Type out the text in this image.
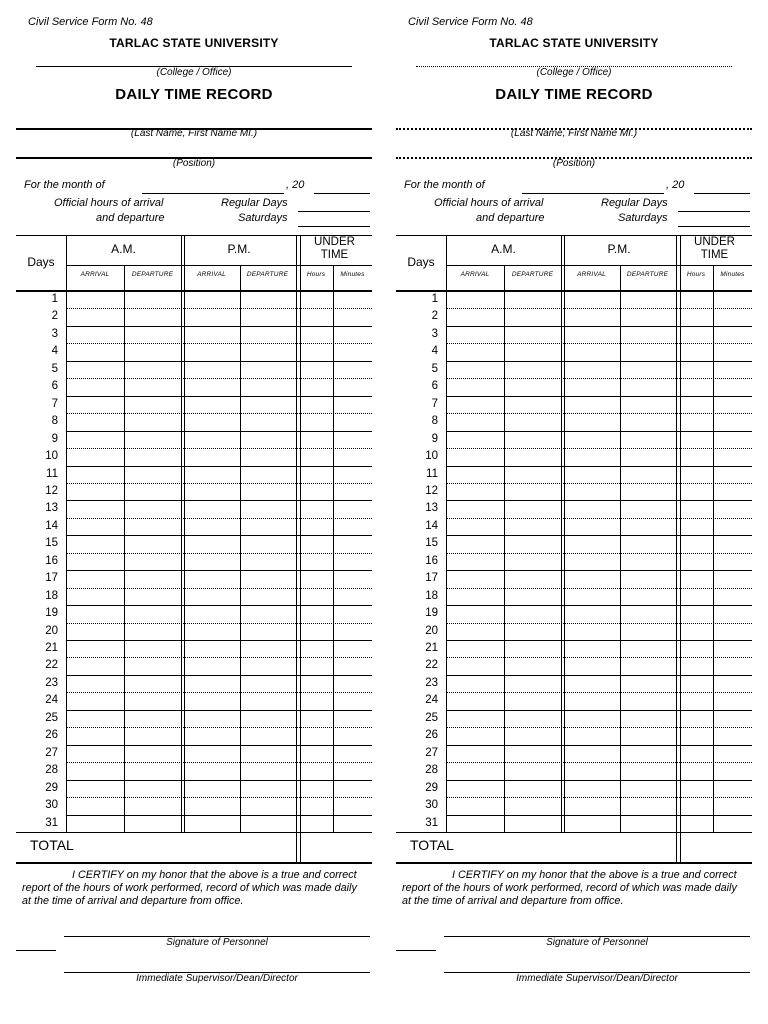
Civil Service Form No. 48
TARLAC STATE UNIVERSITY
(College / Office)
DAILY TIME RECORD
(Last Name, First Name MI.)
(Position)
For the month of	, 20
Official hours of arrival
and departure
Regular Days
Saturdays
Days
A.M.	P.M.	UNDER
TIME
ARRIVAL	DEPARTURE	ARRIVAL	DEPARTURE	Hours	Minutes
1
2
3
4
5
6
7
8
9
10
11
12
13
14
15
16
17
18
19
20
21
22
23
24
25
26
27
28
29
30
31
TOTAL
I CERTIFY on my honor that the above is a true and correct report of the hours of work performed, record of which was made daily at the time of arrival and departure from office.
Signature of Personnel
Immediate Supervisor/Dean/Director
Civil Service Form No. 48
TARLAC STATE UNIVERSITY
(College / Office)
DAILY TIME RECORD
(Last Name, First Name MI.)
(Position)
For the month of	, 20
Official hours of arrival
and departure
Regular Days
Saturdays
Days
A.M.	P.M.	UNDER
TIME
ARRIVAL	DEPARTURE	ARRIVAL	DEPARTURE	Hours	Minutes
1
2
3
4
5
6
7
8
9
10
11
12
13
14
15
16
17
18
19
20
21
22
23
24
25
26
27
28
29
30
31
TOTAL
I CERTIFY on my honor that the above is a true and correct report of the hours of work performed, record of which was made daily at the time of arrival and departure from office.
Signature of Personnel
Immediate Supervisor/Dean/Director
